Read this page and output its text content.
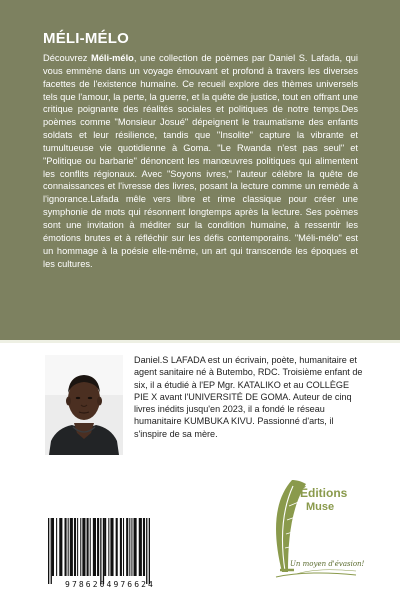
MÉLI-MÉLO

Découvrez Méli-mélo, une collection de poèmes par Daniel S. Lafada, qui vous emmène dans un voyage émouvant et profond à travers les diverses facettes de l'existence humaine. Ce recueil explore des thèmes universels tels que l'amour, la perte, la guerre, et la quête de justice, tout en offrant une critique poignante des réalités sociales et politiques de notre temps.Des poèmes comme "Monsieur Josué" dépeignent le traumatisme des enfants soldats et leur résilience, tandis que "Insolite" capture la vibrante et tumultueuse vie quotidienne à Goma. "Le Rwanda n'est pas seul" et "Politique ou barbarie" dénoncent les manœuvres politiques qui alimentent les conflits régionaux. Avec "Soyons ivres," l'auteur célèbre la quête de connaissances et l'ivresse des livres, posant la lecture comme un remède à l'ignorance.Lafada mêle vers libre et rime classique pour créer une symphonie de mots qui résonnent longtemps après la lecture. Ses poèmes sont une invitation à méditer sur la condition humaine, à ressentir les émotions brutes et à réfléchir sur les défis contemporains. "Méli-mélo" est un hommage à la poésie elle-même, un art qui transcende les époques et les cultures.

Daniel.S LAFADA est un écrivain, poète, humanitaire et agent sanitaire né à Butembo, RDC. Troisième enfant de six, il a étudié à l'EP Mgr. KATALIKO et au COLLÈGE PIE X avant l'UNIVERSITÉ DE GOMA. Auteur de cinq livres inédits jusqu'en 2023, il a fondé le réseau humanitaire KUMBUKA KIVU. Passionné d'arts, il s'inspire de sa mère.

Éditions
Muse
Un moyen d'évasion!
9786204976624
